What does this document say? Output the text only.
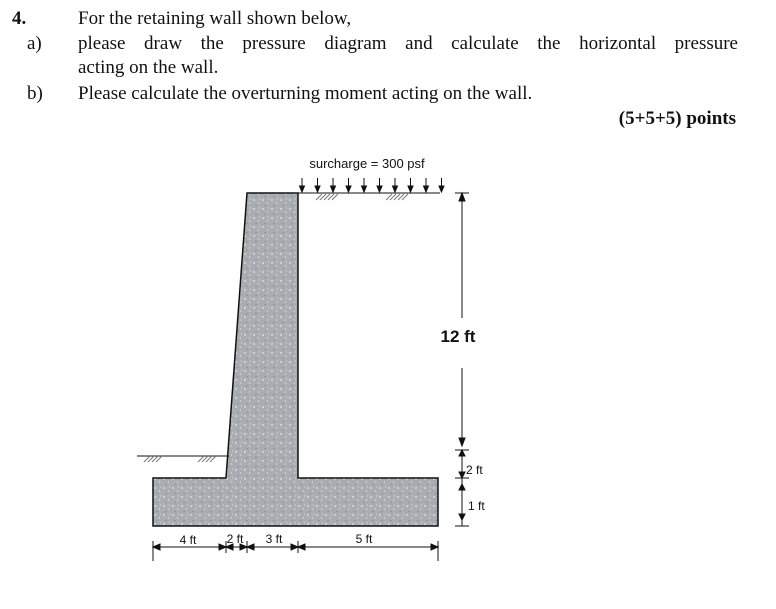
4.	For the retaining wall shown below,
a) please draw the pressure diagram and calculate the horizontal pressure
acting on the wall.
b) Please calculate the overturning moment acting on the wall.
(5+5+5) points
surcharge = 300 psf
12 ft
2 ft
1 ft
4 ft	2 ft 3 ft	5 ft
